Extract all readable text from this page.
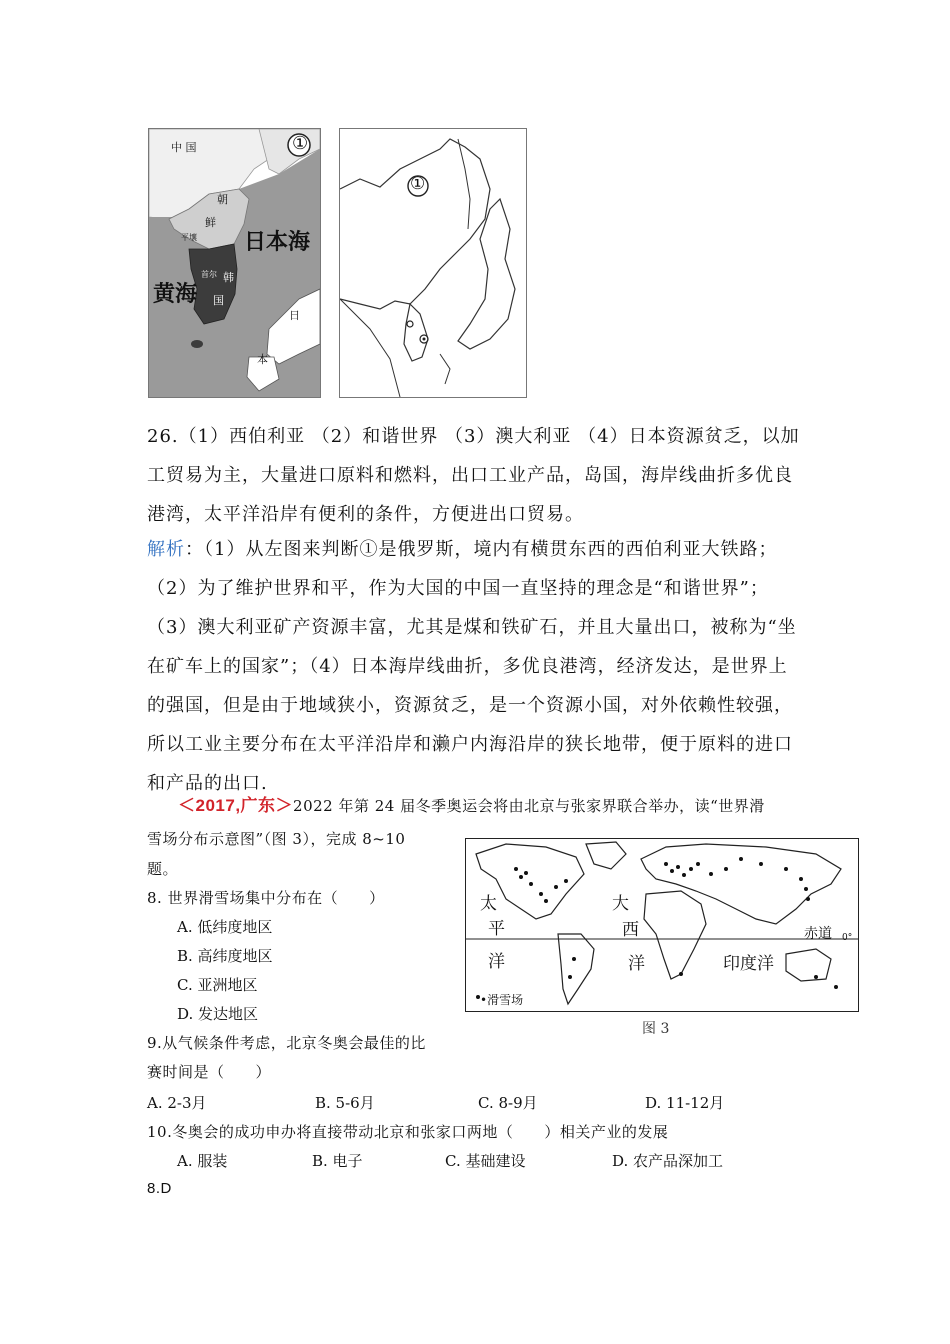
①
中 国
朝
鲜
平壤 日本海
黄海
首尔 韩
国
日
本
①
26.（1）西伯利亚 （2）和谐世界 （3）澳大利亚 （4）日本资源贫乏，以加
工贸易为主，大量进口原料和燃料，出口工业产品，岛国，海岸线曲折多优良
港湾，太平洋沿岸有便利的条件，方便进出口贸易。
解析：（1）从左图来判断①是俄罗斯，境内有横贯东西的西伯利亚大铁路；
（2）为了维护世界和平，作为大国的中国一直坚持的理念是“和谐世界”；
（3）澳大利亚矿产资源丰富，尤其是煤和铁矿石，并且大量出口，被称为“坐
在矿车上的国家”；（4）日本海岸线曲折，多优良港湾，经济发达，是世界上
的强国，但是由于地域狭小，资源贫乏，是一个资源小国，对外依赖性较强，
所以工业主要分布在太平洋沿岸和濑户内海沿岸的狭长地带，便于原料的进口
和产品的出口.
＜2017,广东＞2022 年第 24 届冬季奥运会将由北京与张家界联合举办，读“世界滑
雪场分布示意图”（图 3），完成 8~10
题。
8. 世界滑雪场集中分布在（　　）
A. 低纬度地区
B. 高纬度地区
C. 亚洲地区
D. 发达地区
9.从气候条件考虑，北京冬奥会最佳的比
赛时间是（　　）
A. 2-3月	B. 5-6月	C. 8-9月	D. 11-12月
10.冬奥会的成功申办将直接带动北京和张家口两地（　　）相关产业的发展
A. 服装	B. 电子	C. 基础建设	D. 农产品深加工
8.D
太
平
洋
大
西
洋	印度洋
赤道 0°
•滑雪场
图 3
